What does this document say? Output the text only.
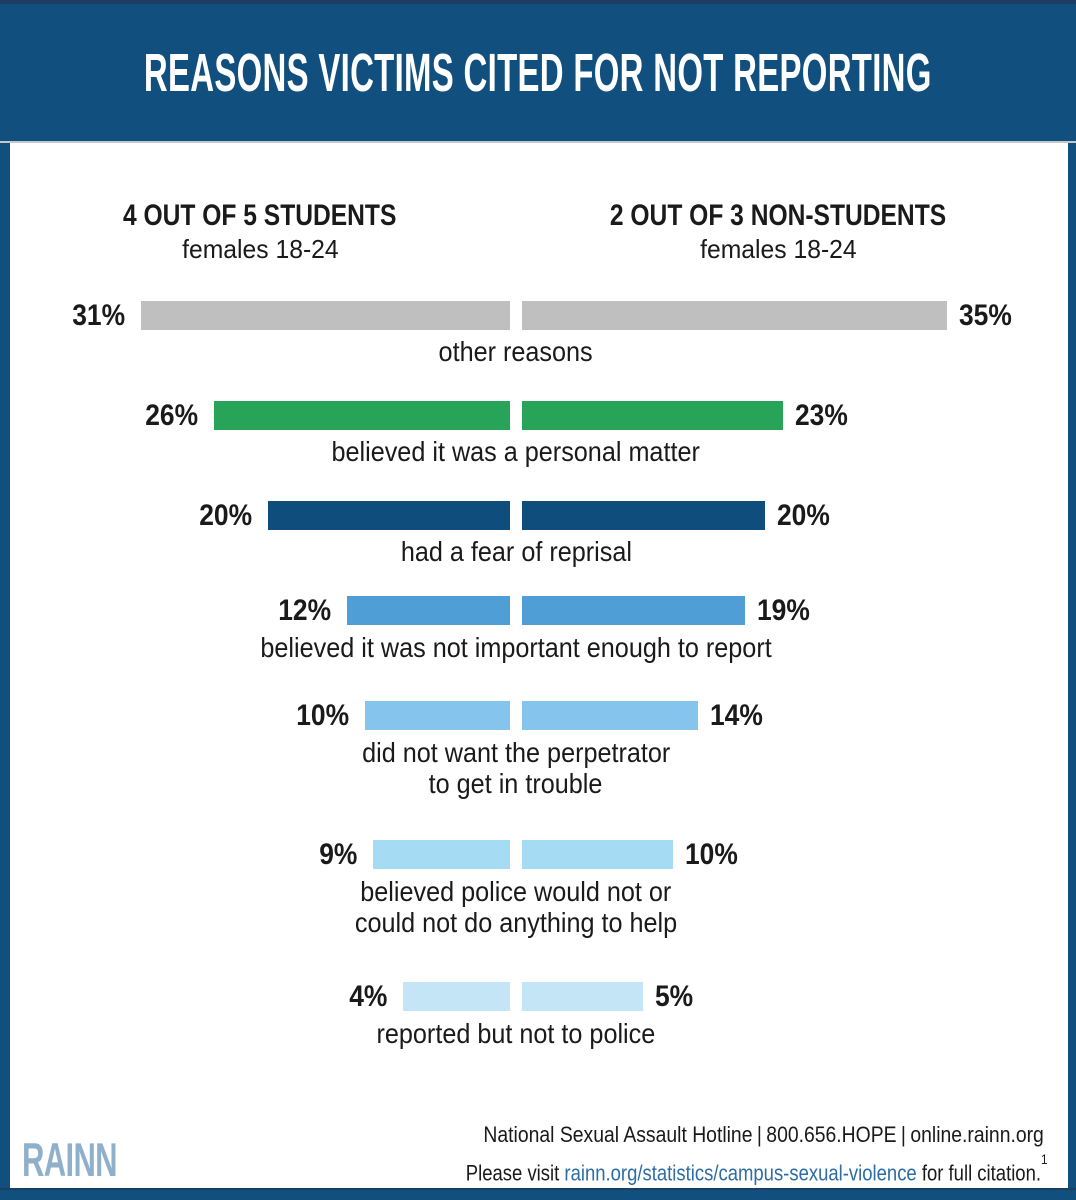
REASONS VICTIMS CITED FOR NOT REPORTING
4 OUT OF 5 STUDENTS
females 18-24
2 OUT OF 3 NON-STUDENTS
females 18-24
31%	35%
other reasons
26%	23%
believed it was a personal matter
20%	20%
had a fear of reprisal
12%	19%
believed it was not important enough to report
10%	14%
did not want the perpetrator
to get in trouble
9%	10%
believed police would not or
could not do anything to help
4%	5%
reported but not to police
National Sexual Assault Hotline | 800.656.HOPE | online.rainn.org
Please visit rainn.org/statistics/campus-sexual-violence for full citation.$^1$
RAINN
